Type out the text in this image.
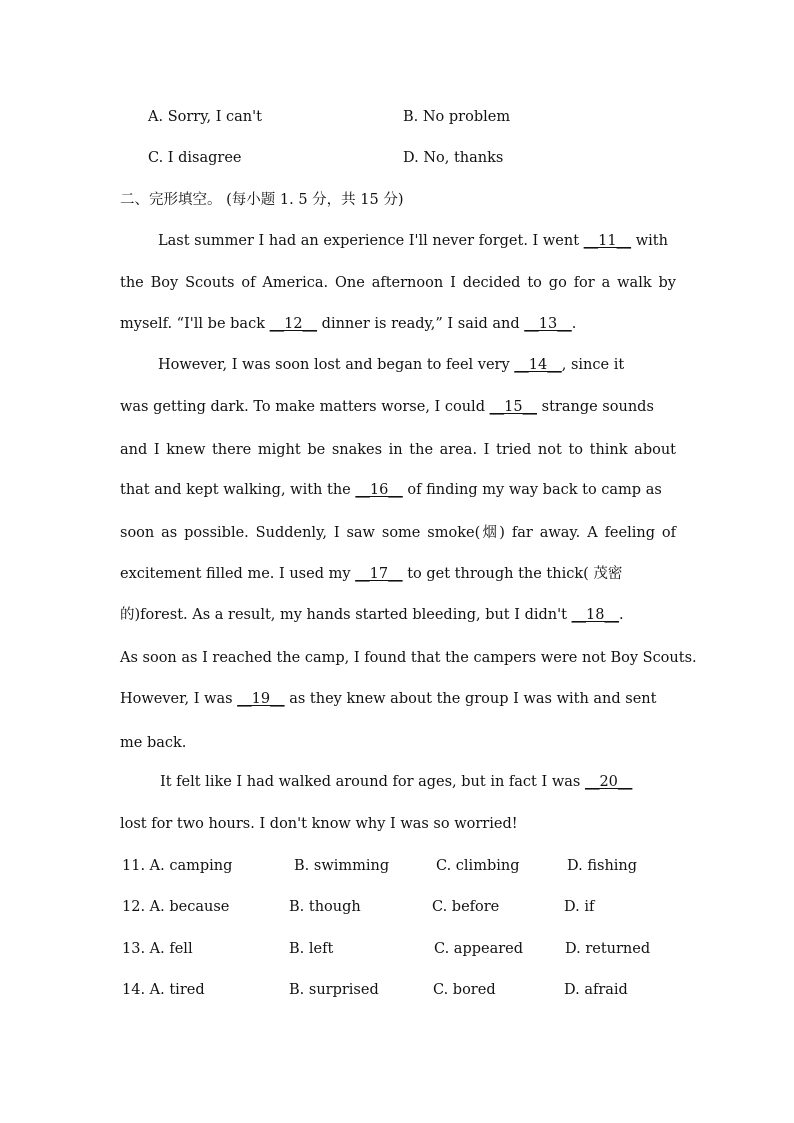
A. Sorry, I can't	B. No problem
C. I disagree	D. No, thanks
二、完形填空。 (每小题 1. 5 分，共 15 分)
Last summer I had an experience I'll never forget. I went __11__ with
the Boy Scouts of America. One afternoon I decided to go for a walk by
myself. “I'll be back __12__ dinner is ready,” I said and __13__.
However, I was soon lost and began to feel very __14__, since it
was getting dark. To make matters worse, I could __15__ strange sounds
and I knew there might be snakes in the area. I tried not to think about
that and kept walking, with the __16__ of finding my way back to camp as
soon as possible. Suddenly, I saw some smoke(烟) far away. A feeling of
excitement filled me. I used my __17__ to get through the thick( 茂密
的)forest. As a result, my hands started bleeding, but I didn't __18__.
As soon as I reached the camp, I found that the campers were not Boy Scouts.
However, I was __19__ as they knew about the group I was with and sent
me back.
It felt like I had walked around for ages, but in fact I was __20__
lost for two hours. I don't know why I was so worried!
11. A. camping	B. swimming	C. climbing	D. fishing
12. A. because	B. though	C. before	D. if
13. A. fell	B. left	C. appeared	D. returned
14. A. tired	B. surprised	C. bored	D. afraid
